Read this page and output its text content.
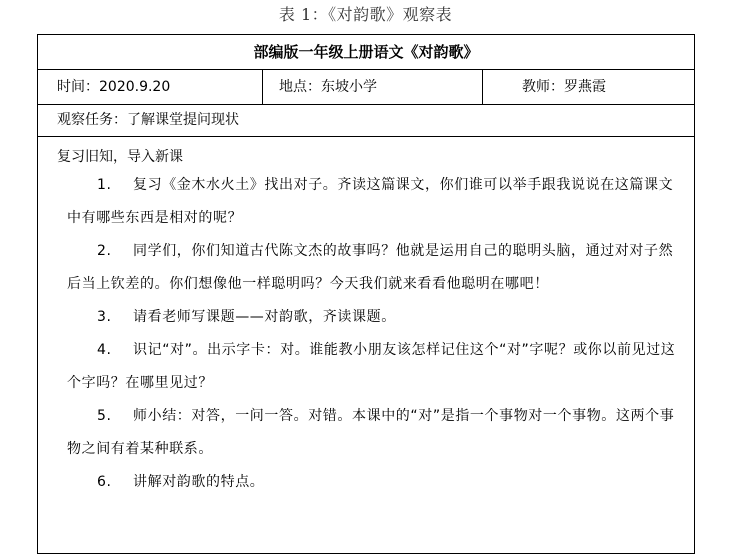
表 1：《对韵歌》观察表
部编版一年级上册语文《对韵歌》
时间：2020.9.20	地点：东坡小学	教师：罗燕霞
观察任务：了解课堂提问现状

复习旧知，导入新课

1. 复习《金木水火土》找出对子。齐读这篇课文，你们谁可以举手跟我说说在这篇课文中有哪些东西是相对的呢？
2. 同学们，你们知道古代陈文杰的故事吗？他就是运用自己的聪明头脑，通过对对子然后当上钦差的。你们想像他一样聪明吗？今天我们就来看看他聪明在哪吧！
3. 请看老师写课题——对韵歌，齐读课题。
4. 识记“对”。出示字卡：对。谁能教小朋友该怎样记住这个“对”字呢？或你以前见过这个字吗？在哪里见过？
5. 师小结：对答，一问一答。对错。本课中的“对”是指一个事物对一个事物。这两个事物之间有着某种联系。
6. 讲解对韵歌的特点。
